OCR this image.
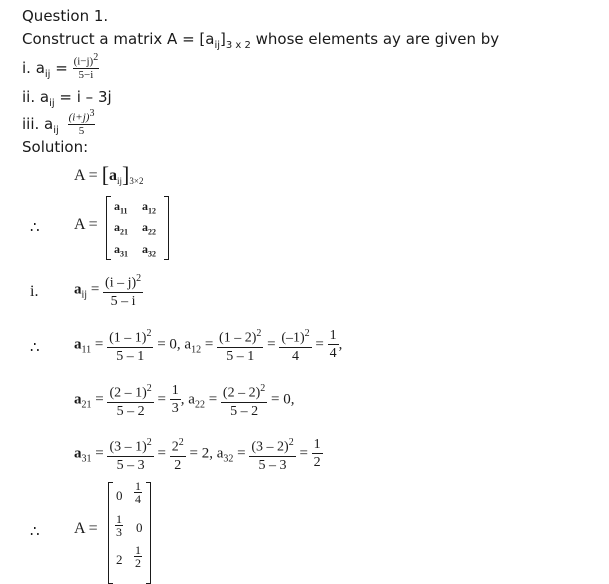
Question 1.
Construct a matrix $A = [a_{ij}]_{3 x 2}$ whose elements ay are given by
i. $a_{ij} = \frac{(i-j)^2}{5-i}$
ii. $a_{ij} = i - 3j$
iii. $a_{ij} \frac{(i+j)^3}{5}$
Solution:
$A = [a_{ij}]_{3\times 2}$
∴ A =
$a_{11}$ $a_{12}$
$a_{21}$ $a_{22}$
$a_{31}$ $a_{32}$
i. $a_{ij} = \frac{(i - j)^2}{5 - i}$
∴ $a_{11} = \frac{(1 - 1)^2}{5 - 1} = 0$, $a_{12} = \frac{(1 - 2)^2}{5 - 1} = \frac{(-1)^2}{4} = \frac{1}{4}$ ,
$a_{21} = \frac{(2 - 1)^2}{5 - 2} = \frac{1}{3}$ , $a_{22} = \frac{(2 - 2)^2}{5 - 2} = 0$,
$a_{31} = \frac{(3 - 1)^2}{5 - 3} = \frac{2^2}{2} = 2$, $a_{32} = \frac{(3 - 2)^2}{5 - 3} = \frac{1}{2}$
∴ A =
$0 \frac{1}{4}$
$\frac{1}{3} 0$
$2 \frac{1}{2}$
